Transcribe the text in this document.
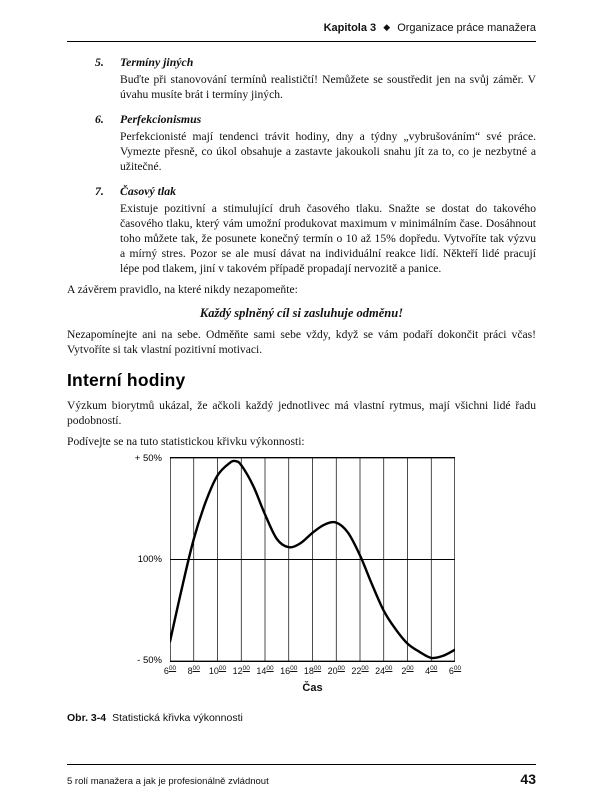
Kapitola 3 ◆ Organizace práce manažera
5. Termíny jiných

Buďte při stanovování termínů realističtí! Nemůžete se soustředit jen na svůj záměr. V úvahu musíte brát i termíny jiných.

6. Perfekcionismus

Perfekcionisté mají tendenci trávit hodiny, dny a týdny „vybrušováním“ své práce. Vymezte přesně, co úkol obsahuje a zastavte jakoukoli snahu jít za to, co je nezbytné a užitečné.

7. Časový tlak

Existuje pozitivní a stimulující druh časového tlaku. Snažte se dostat do takového časového tlaku, který vám umožní produkovat maximum v minimálním čase. Dosáhnout toho můžete tak, že posunete konečný termín o 10 až 15% dopředu. Vytvoříte tak výzvu a mírný stres. Pozor se ale musí dávat na individuální reakce lidí. Někteří lidé pracují lépe pod tlakem, jiní v takovém případě propadají nervozitě a panice.

A závěrem pravidlo, na které nikdy nezapomeňte:

Každý splněný cíl si zasluhuje odměnu!

Nezapomínejte ani na sebe. Odměňte sami sebe vždy, když se vám podaří dokončit práci včas! Vytvoříte si tak vlastní pozitivní motivaci.

Interní hodiny

Výzkum biorytmů ukázal, že ačkoli každý jednotlivec má vlastní rytmus, mají všichni lidé řadu podobností.

Podívejte se na tuto statistickou křivku výkonnosti:

+ 50%
100%
- 50%
$6^{00}$ $8^{00}$ $10^{00}$ $12^{00}$ $14^{00}$ $16^{00}$ $18^{00}$ $20^{00}$ $22^{00}$ $24^{00}$ $2^{00}$ $4^{00}$ $6^{00}$
Čas

Obr. 3-4 Statistická křivka výkonnosti

5 rolí manažera a jak je profesionálně zvládnout	43
